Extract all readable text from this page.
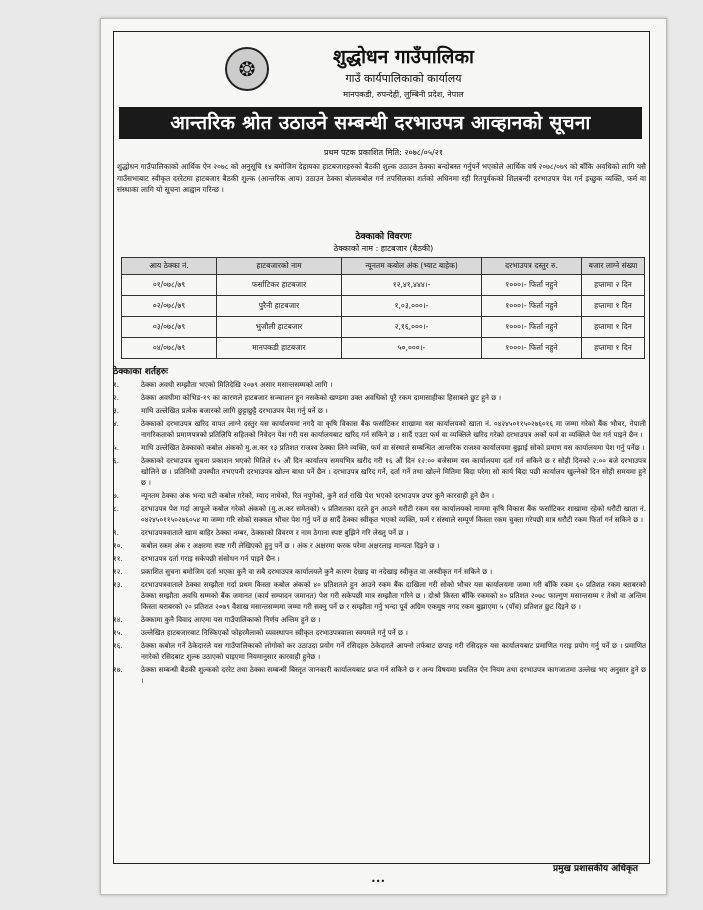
❂	शुद्धोधन गाउँपालिका
गाउँ कार्यपालिकाको कार्यालय
मानपकडी, रुपन्देही, लुम्बिनी प्रदेश, नेपाल
आन्तरिक श्रोत उठाउने सम्बन्धी दरभाउपत्र आव्हानको सूचना
प्रथम पटक प्रकाशित मिति: २०७८/०५/२१
शुद्धोधन गाउँपालिकाको आर्थिक ऐन २०७८ को अनुसूचि १४ बमोजिम देहायका हाटबजारहरुको बैठकी शुल्क उठाउन ठेक्का बन्दोबस्त गर्नुपर्ने भएकोले आर्थिक वर्ष २०७८/०७९ को बाँकि अवधिको लागि यसै गाउँसभाबाट स्वीकृत दररेटमा हाटबजार बैठकी शुल्क (आन्तरिक आय) उठाउन ठेक्का बोलकबोल गर्न तपसिलका शर्तको अधिनमा रही रितपूर्वकको शिलबन्दी दरभाउपत्र पेश गर्न इच्छुक व्यक्ति, फर्म वा संस्थाका लागि यो सूचना आह्वान गरिन्छ ।
ठेक्काको विवरणः
ठेक्काको नाम : हाटबजार (बैठकी)
आय ठेक्का नं.	हाटबजारको नाम	न्यूनतम कबोल अंक (भ्याट बाहेक)	दरभाउपत्र दस्तुर रु.	बजार लाग्ने संख्या
०१/०७८/७९	फर्साटिकर हाटबजार	१२,४१,४४४।-	१०००।- फिर्ता नहुने	हप्तामा २ दिन
०२/०७८/७९	पुरैनी हाटबजार	१,०३,०००।-	१०००।- फिर्ता नहुने	हप्तामा १ दिन
०३/०७८/७९	भुजौली हाटबजार	२,१६,०००।-	१०००।- फिर्ता नहुने	हप्तामा १ दिन
०४/०७८/७९	मानपकडी हाटबजार	५०,०००।-	१०००।- फिर्ता नहुने	हप्तामा १ दिन
ठेक्काका शर्तहरुः
१.	ठेक्का अवधी सम्झौता भएको मितिदेखि २०७९ असार मसान्तसम्मको लागि ।
२.	ठेक्का अवधीमा कोभिड-१९ का कारणले हाटबजार सञ्चालन हुन नसकेको खण्डमा उक्त अवधिको पूरै रकम दामासाहीका हिसाबले छुट हुने छ ।
३.	माथि उल्लेखित प्रत्येक बजारको लागि छुट्टाछुट्टै दरभाउपत्र पेश गर्नु पर्ने छ ।
४.	ठेक्काको दरभाउपत्र खरिद वापत लाग्ने दस्तुर यस कार्यालयमा नगदै वा कृषि विकास बैंक फर्साटिकर शाखामा यस कार्यालयको खाता नं. ०४२४५०११५०२७६०१६ मा जम्मा गरेको बैंक भौचर, नेपाली नागरिकताको प्रमाणपत्रको प्रतिलिपि सहितको निवेदन पेश गरी यस कार्यालयबाट खरिद गर्न सकिने छ । सार्दै एउटा फर्म वा व्यक्तिले खरिद गरेको दरभाउपत्र अर्को फर्म वा व्यक्तिले पेश गर्न पाइने छैन ।
५.	माथि उल्लेखित ठेक्काको कबोल अंकको मु.अ.कर १३ प्रतिशत राजश्व ठेक्का लिने व्यक्ति, फर्म वा संस्थाले सम्बन्धित आन्तरिक राजश्व कार्यालयमा बुझाई सोको प्रमाण यस कार्यालयमा पेश गर्नु पर्नेछ ।
६.	ठेक्काको दरभाउपत्र सुचना प्रकाशन भएको मितिले १५ औं दिन कार्यालय समयभित्र खरीद गरी १६ औं दिन १२:०० बजेसम्म यस कार्यालयमा दर्ता गर्न सकिने छ र सोही दिनको २:०० बजे दरभाउपत्र खोलिने छ । प्रतिनिधी उपस्थीत नभएपनी दरभाउपत्र खोल्न बाधा पर्ने छैन । दरभाउपत्र खरिद गर्ने, दर्ता गर्ने तथा खोल्ने मितिमा बिदा परेमा सो कार्य बिदा पछी कार्यालय खुल्नेको दिन सोही समयमा हुने छ ।
७.	न्यूनतम ठेक्का अंक भन्दा घटी कबोल गरेको, म्याद नाघेको, रित नपुगेको, कुनै शर्त राखि पेश भएको दरभाउपत्र उपर कुनै कारवाही हुने छैन ।
८.	दरभाउपत्र पेश गर्दा आफूले कबोल गरेको अंकको (मु.अ.कर समेतको) ५ प्रतिशतका दरले हुन आउने धरौटी रकम यस कार्यालयको नाममा कृषि विकास बैंक फर्साटिकर शाखामा रहेको धरौटी खाता नं. ०४२४५०११५०२७६०५४ मा जम्मा गरि सोको सक्कल भौचर पेश गर्नु पर्ने छ सार्दै ठेक्का स्वीकृत भएको व्यक्ति, फर्म र संस्थाले सम्पूर्ण किस्ता रकम चुक्ता गरेपछी मात्र धरौटी रकम फिर्ता गर्न सकिने छ ।
९.	दरभाउपत्रवाताले खाम बाहिर ठेक्का नम्बर, ठेक्काको विवरण र नाम ठेगाना स्पष्ट बुझिने गरि लेख्नु पर्ने छ ।
१०.	कबोल रकम अंक र अक्षरमा स्पष्ट गरी लेखिएको हुनु पर्ने छ । अंक र अक्षरमा फरक परेमा अक्षरलाइ मान्यता दिइने छ ।
११.	दरभाउपत्र दर्ता गराइ सकेपछी संसोधन गर्न पाइने छैन ।
१२.	प्रकाशित सुचना बमोजिम दर्ता भएका कुनै वा सबै दरभाउपत्र कार्यालयले कुनै कारण देखाइ वा नदेखाइ स्वीकृत वा अस्वीकृत गर्न सकिने छ ।
१३.	दरभाउपत्रवाताले ठेक्का सम्झौता गर्दा प्रथम किस्ता कबोल अंकको ४० प्रतिशतले हुन आउने रकम बैंक दाखिला गरी सोको भौचर यस कार्यालयमा जम्मा गरी बाँकि रकम ६० प्रतिशत रकम बराबरको ठेक्का सम्झौता अवधि सम्मको बैंक जमानत (कार्य सम्पादन जमानत) पेश गरी सकेपछी मात्र सम्झौता गरिने छ । दोश्रो किस्ता बाँकि रकमको ४० प्रतिशत २०७८ फाल्गुण मसान्तसम्म र तेश्रो वा अन्तिम किस्ता बराबरको २० प्रतिशत २०७९ वैशाख मसान्तसम्ममा जम्मा गरी सक्नु पर्ने छ र सम्झौता गर्नु भन्दा पूर्व अग्रिम एकमुष्ठ नगद रकम बुझाएमा ५ (पाँच) प्रतिशत छुट दिइने छ ।
१४.	ठेक्कामा कुनै विवाद आएमा यस गाउँपालिकाको निर्णय अन्तिम हुने छ ।
१५.	उल्लेखित हाटबजारबाट निस्किएको फोहरमैलाको व्यवस्थापन स्वीकृत दरभाउपत्रवाला स्वयमले गर्नु पर्ने छ ।
१६.	ठेक्का कबोल गर्ने ठेकेदारले यस गाउँपालिकाको लोगोको कर उठाउदा प्रयोग गर्ने रसिदहरु ठेकेदारले आफ्नो तर्फबाट छपाइ गरी रसिदहरु यस कार्यालयबाट प्रमाणित गराइ प्रयोग गर्नु पर्ने छ । प्रमाणित नगरेको रसिदबाट शुल्क उठाएको पाइएमा नियमानुसार कारवाही हुनेछ ।
१७.	ठेक्का सम्बन्धी बैठकी शुल्कको दररेट तथा ठेक्का सम्बन्धी बिस्तृत जानकारी कार्यालयबाट प्रप्त गर्न सकिने छ र अन्य विषयमा प्रचलित ऐन नियम तथा दरभाउपत्र कागजातमा उल्लेख भए अनुसार हुने छ ।
प्रमुख प्रशासकीय अधिकृत
•••
